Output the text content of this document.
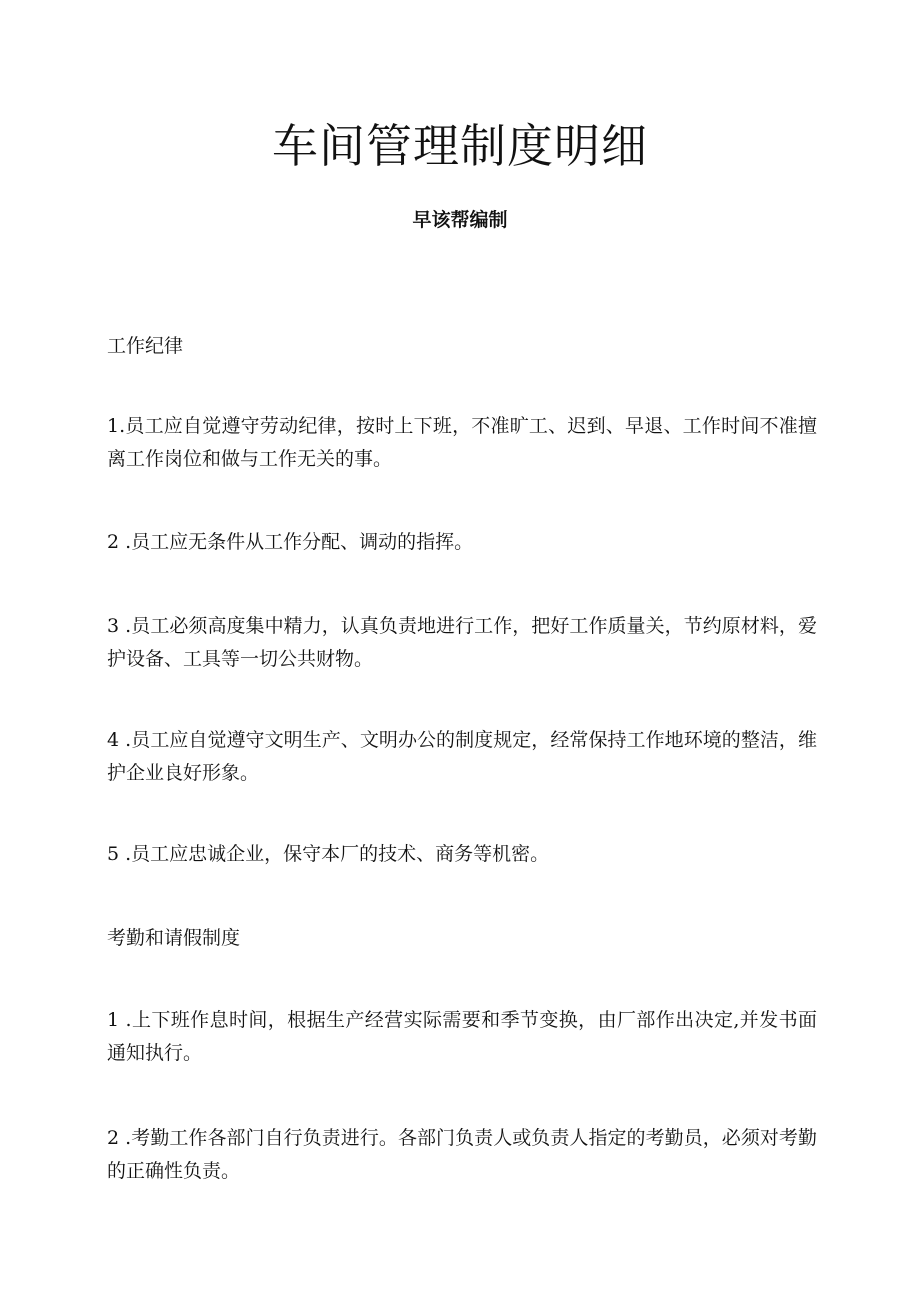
车间管理制度明细
早该帮编制
工作纪律

1.员工应自觉遵守劳动纪律，按时上下班，不准旷工、迟到、早退、工作时间不准擅离工作岗位和做与工作无关的事。

2 .员工应无条件从工作分配、调动的指挥。

3 .员工必须高度集中精力，认真负责地进行工作，把好工作质量关，节约原材料，爱护设备、工具等一切公共财物。

4 .员工应自觉遵守文明生产、文明办公的制度规定，经常保持工作地环境的整洁，维护企业良好形象。

5 .员工应忠诚企业，保守本厂的技术、商务等机密。

考勤和请假制度

1 .上下班作息时间，根据生产经营实际需要和季节变换，由厂部作出决定,并发书面通知执行。

2 .考勤工作各部门自行负责进行。各部门负责人或负责人指定的考勤员，必须对考勤的正确性负责。
